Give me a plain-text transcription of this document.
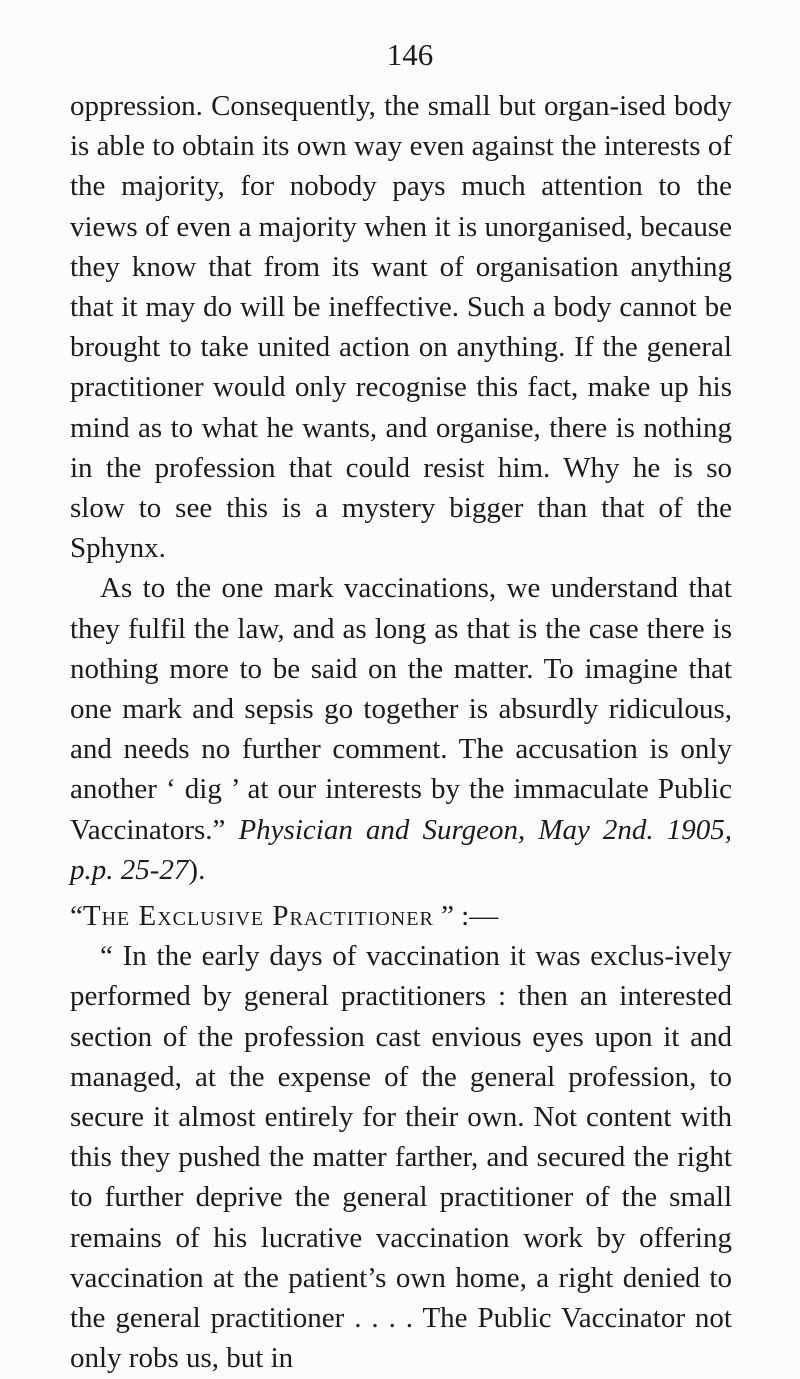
146

oppression. Consequently, the small but organ-ised body is able to obtain its own way even against the interests of the majority, for nobody pays much attention to the views of even a majority when it is unorganised, because they know that from its want of organisation anything that it may do will be ineffective. Such a body cannot be brought to take united action on anything. If the general practitioner would only recognise this fact, make up his mind as to what he wants, and organise, there is nothing in the profession that could resist him. Why he is so slow to see this is a mystery bigger than that of the Sphynx.

As to the one mark vaccinations, we understand that they fulfil the law, and as long as that is the case there is nothing more to be said on the matter. To imagine that one mark and sepsis go together is absurdly ridiculous, and needs no further comment. The accusation is only another ‘ dig ’ at our interests by the immaculate Public Vaccinators.” Physician and Surgeon, May 2nd. 1905, p.p. 25-27).

“The Exclusive Practitioner ” :—

“ In the early days of vaccination it was exclus-ively performed by general practitioners : then an interested section of the profession cast envious eyes upon it and managed, at the expense of the general profession, to secure it almost entirely for their own. Not content with this they pushed the matter farther, and secured the right to further deprive the general practitioner of the small remains of his lucrative vaccination work by offering vaccination at the patient’s own home, a right denied to the general practitioner . . . . The Public Vaccinator not only robs us, but in
